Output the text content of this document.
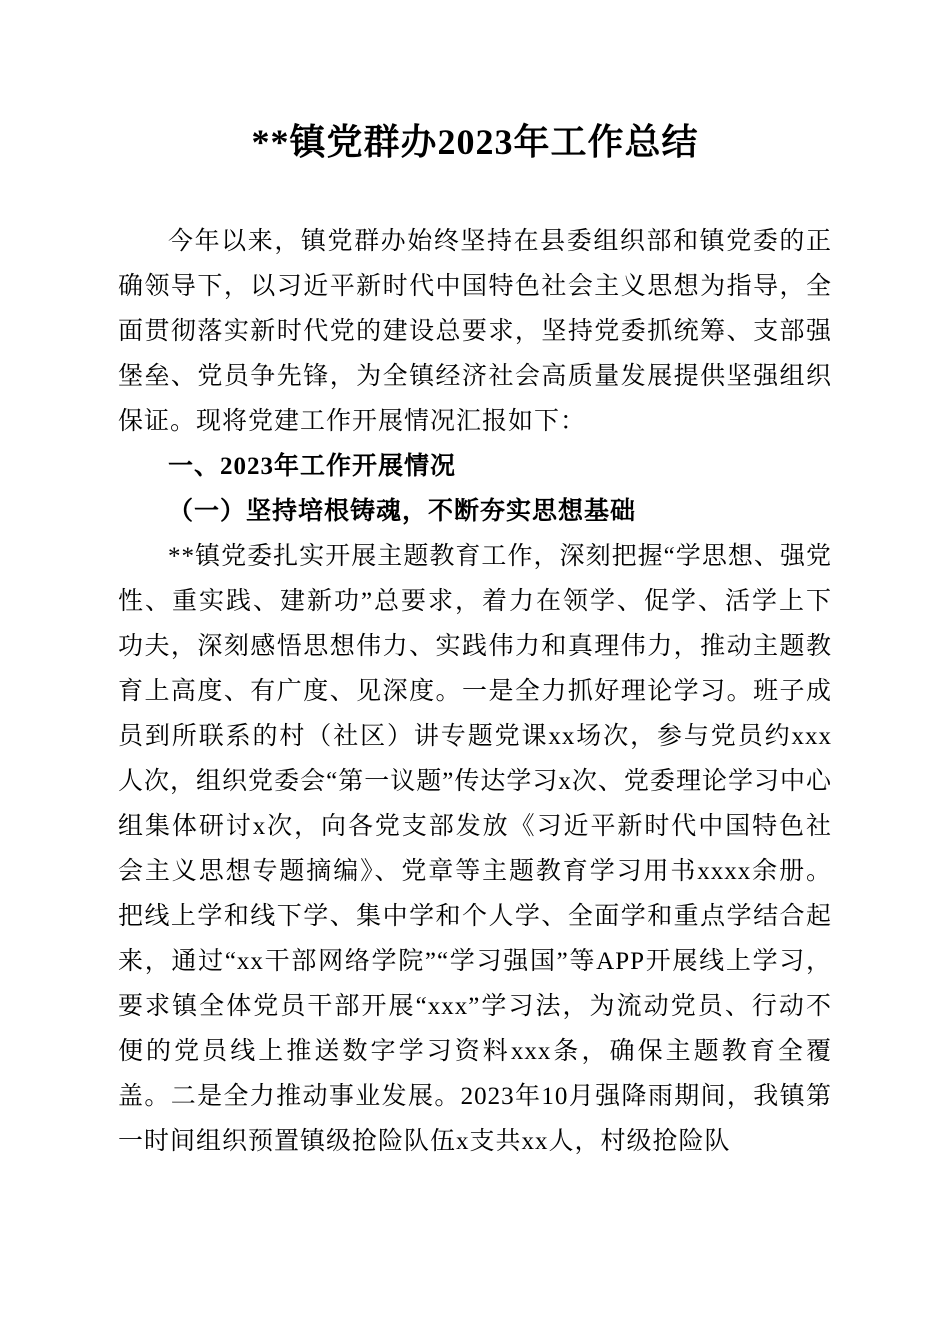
**镇党群办2023年工作总结

今年以来，镇党群办始终坚持在县委组织部和镇党委的正确领导下，以习近平新时代中国特色社会主义思想为指导，全面贯彻落实新时代党的建设总要求，坚持党委抓统筹、支部强堡垒、党员争先锋，为全镇经济社会高质量发展提供坚强组织保证。现将党建工作开展情况汇报如下：

一、2023年工作开展情况

（一）坚持培根铸魂，不断夯实思想基础

**镇党委扎实开展主题教育工作，深刻把握“学思想、强党性、重实践、建新功”总要求，着力在领学、促学、活学上下功夫，深刻感悟思想伟力、实践伟力和真理伟力，推动主题教育上高度、有广度、见深度。一是全力抓好理论学习。班子成员到所联系的村（社区）讲专题党课xx场次，参与党员约xxx人次，组织党委会“第一议题”传达学习x次、党委理论学习中心组集体研讨x次，向各党支部发放《习近平新时代中国特色社会主义思想专题摘编》、党章等主题教育学习用书xxxx余册。把线上学和线下学、集中学和个人学、全面学和重点学结合起来，通过“xx干部网络学院”“学习强国”等APP开展线上学习，要求镇全体党员干部开展“xxx”学习法，为流动党员、行动不便的党员线上推送数字学习资料xxx条，确保主题教育全覆盖。二是全力推动事业发展。2023年10月强降雨期间，我镇第一时间组织预置镇级抢险队伍x支共xx人，村级抢险队
